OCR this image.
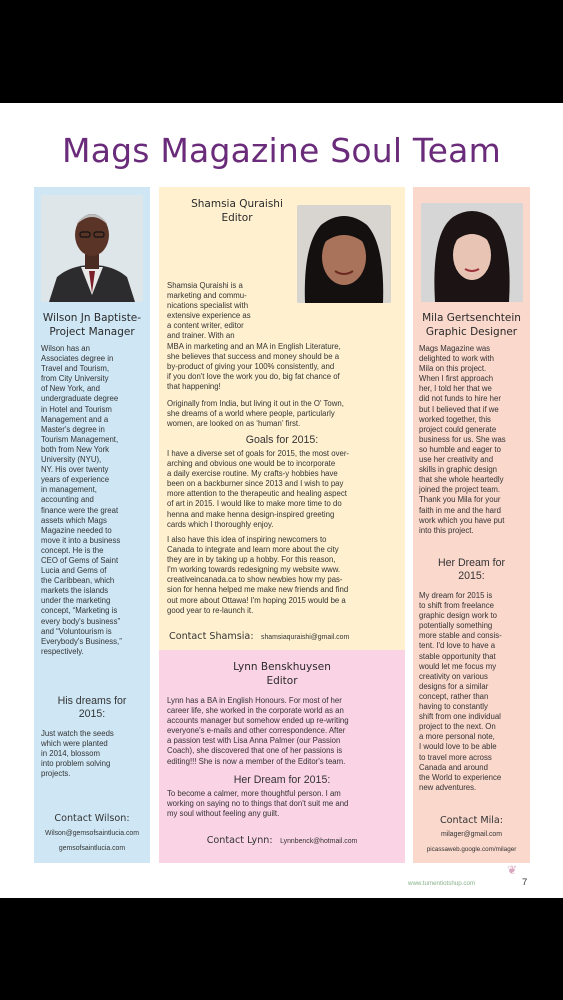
Mags Magazine Soul Team
Wilson Jn Baptiste-
Project Manager
Wilson has an
Associates degree in
Travel and Tourism,
from City University
of New York, and
undergraduate degree
in Hotel and Tourism
Management and a
Master's degree in
Tourism Management,
both from New York
University (NYU),
NY. His over twenty
years of experience
in management,
accounting and
finance were the great
assets which Mags
Magazine needed to
move it into a business
concept. He is the
CEO of Gems of Saint
Lucia and Gems of
the Caribbean, which
markets the islands
under the marketing
concept, “Marketing is
every body's business”
and “Voluntourism is
Everybody's Business,”
respectively.
His dreams for
2015:
Just watch the seeds
which were planted
in 2014, blossom
into problem solving
projects.
Contact Wilson:
Wilson@gemsofsaintlucia.com
gemsofsaintlucia.com
Shamsia Quraishi
Editor
Shamsia Quraishi is a
marketing and commu-
nications specialist with
extensive experience as
a content writer, editor
and trainer. With an
MBA in marketing and an MA in English Literature,
she believes that success and money should be a
by-product of giving your 100% consistently, and
if you don't love the work you do, big fat chance of
that happening!
Originally from India, but living it out in the O' Town,
she dreams of a world where people, particularly
women, are looked on as ‘human’ first.
Goals for 2015:
I have a diverse set of goals for 2015, the most over-
arching and obvious one would be to incorporate
a daily exercise routine. My crafts-y hobbies have
been on a backburner since 2013 and I wish to pay
more attention to the therapeutic and healing aspect
of art in 2015. I would like to make more time to do
henna and make henna design-inspired greeting
cards which I thoroughly enjoy.
I also have this idea of inspiring newcomers to
Canada to integrate and learn more about the city
they are in by taking up a hobby. For this reason,
I'm working towards redesigning my website www.
creativeincanada.ca to show newbies how my pas-
sion for henna helped me make new friends and find
out more about Ottawa! I'm hoping 2015 would be a
good year to re-launch it.
Contact Shamsia: shamsiaquraishi@gmail.com
Lynn Benskhuysen
Editor
Lynn has a BA in English Honours. For most of her
career life, she worked in the corporate world as an
accounts manager but somehow ended up re-writing
everyone's e-mails and other correspondence. After
a passion test with Lisa Anna Palmer (our Passion
Coach), she discovered that one of her passions is
editing!!! She is now a member of the Editor's team.
Her Dream for 2015:
To become a calmer, more thoughtful person. I am
working on saying no to things that don't suit me and
my soul without feeling any guilt.
Contact Lynn: Lynnbenck@hotmail.com
Mila Gertsenchtein
Graphic Designer
Mags Magazine was
delighted to work with
Mila on this project.
When I first approach
her, I told her that we
did not funds to hire her
but I believed that if we
worked together, this
project could generate
business for us. She was
so humble and eager to
use her creativity and
skills in graphic design
that she whole heartedly
joined the project team.
Thank you Mila for your
faith in me and the hard
work which you have put
into this project.
Her Dream for
2015:
My dream for 2015 is
to shift from freelance
graphic design work to
potentially something
more stable and consis-
tent. I'd love to have a
stable opportunity that
would let me focus my
creativity on various
designs for a similar
concept, rather than
having to constantly
shift from one individual
project to the next. On
a more personal note,
I would love to be able
to travel more across
Canada and around
the World to experience
new adventures.
Contact Mila:
milager@gmail.com
picassaweb.google.com/milager
❦
www.tumentiotshup.com	7
